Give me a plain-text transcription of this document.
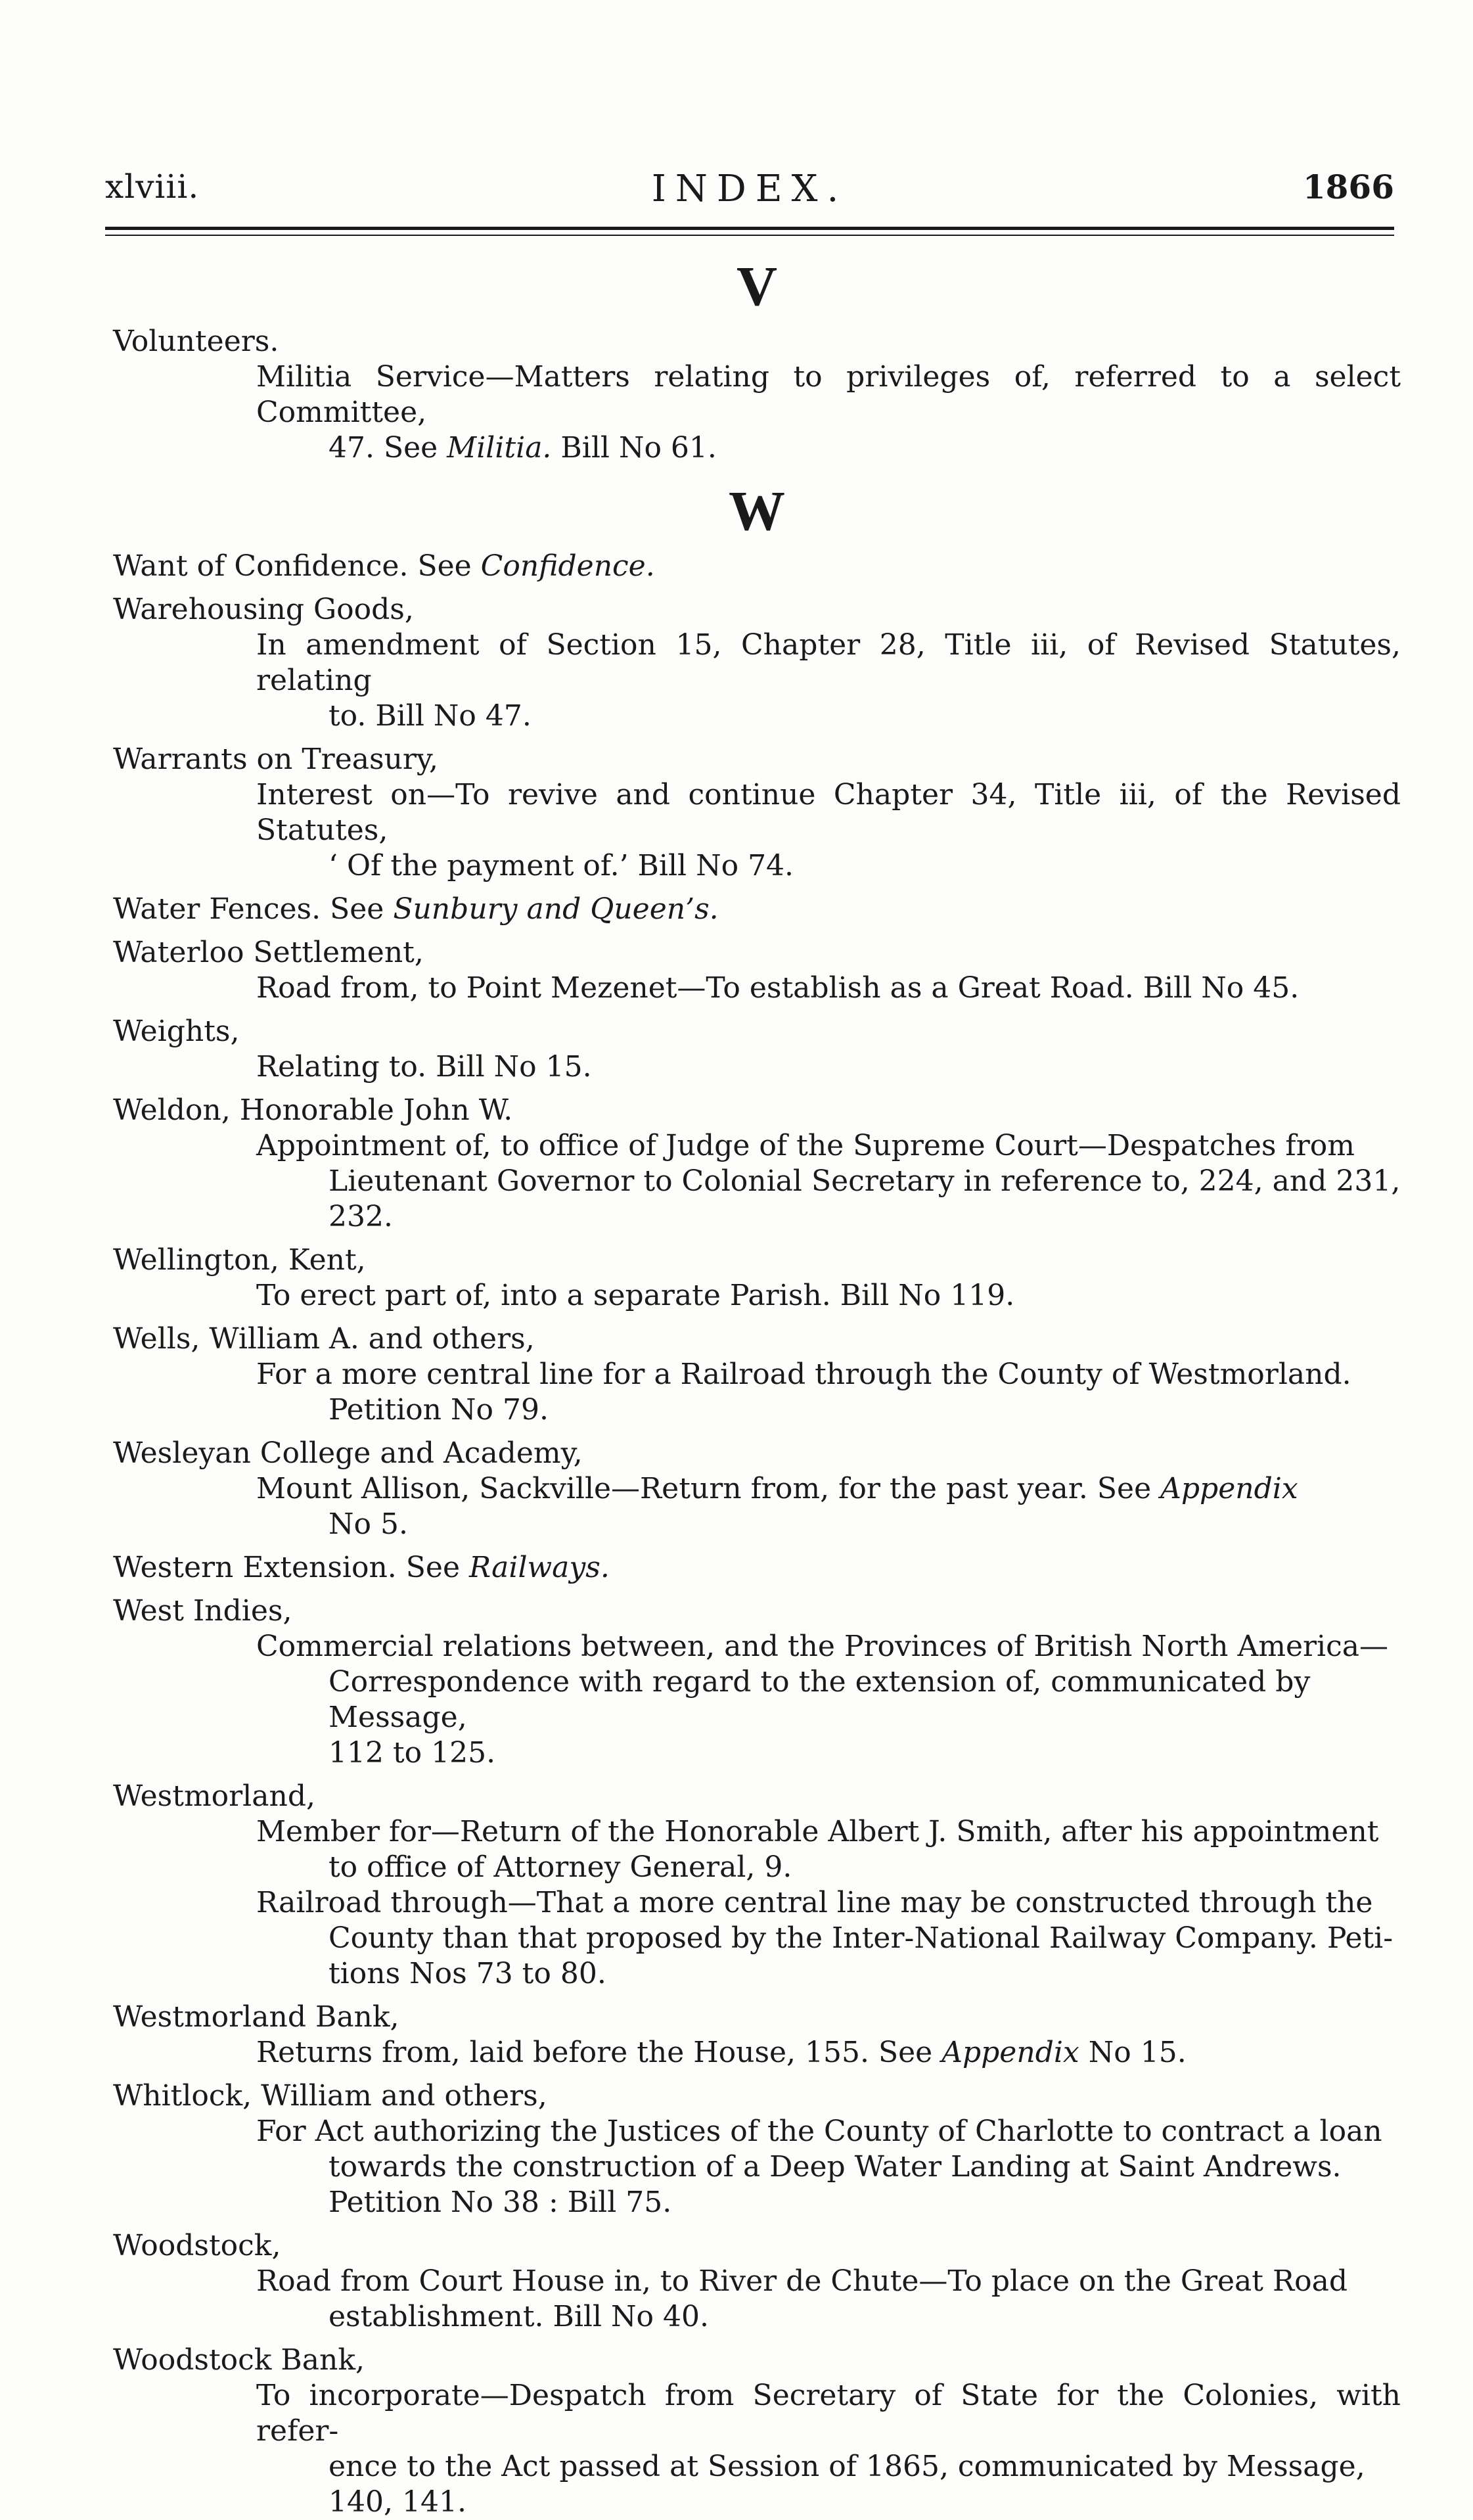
xlviii.	INDEX.	1866
V
Volunteers.
Militia Service—Matters relating to privileges of, referred to a select Committee,
47. See Militia. Bill No 61.
W
Want of Confidence. See Confidence.
Warehousing Goods,
In amendment of Section 15, Chapter 28, Title iii, of Revised Statutes, relating
to. Bill No 47.
Warrants on Treasury,
Interest on—To revive and continue Chapter 34, Title iii, of the Revised Statutes,
‘ Of the payment of.’ Bill No 74.
Water Fences. See Sunbury and Queen’s.
Waterloo Settlement,
Road from, to Point Mezenet—To establish as a Great Road. Bill No 45.
Weights,
Relating to. Bill No 15.
Weldon, Honorable John W.
Appointment of, to office of Judge of the Supreme Court—Despatches from
Lieutenant Governor to Colonial Secretary in reference to, 224, and 231, 232.
Wellington, Kent,
To erect part of, into a separate Parish. Bill No 119.
Wells, William A. and others,
For a more central line for a Railroad through the County of Westmorland.
Petition No 79.
Wesleyan College and Academy,
Mount Allison, Sackville—Return from, for the past year. See Appendix
No 5.
Western Extension. See Railways.
West Indies,
Commercial relations between, and the Provinces of British North America—
Correspondence with regard to the extension of, communicated by Message,
112 to 125.
Westmorland,
Member for—Return of the Honorable Albert J. Smith, after his appointment
to office of Attorney General, 9.
Railroad through—That a more central line may be constructed through the
County than that proposed by the Inter-National Railway Company. Peti-
tions Nos 73 to 80.
Westmorland Bank,
Returns from, laid before the House, 155. See Appendix No 15.
Whitlock, William and others,
For Act authorizing the Justices of the County of Charlotte to contract a loan
towards the construction of a Deep Water Landing at Saint Andrews.
Petition No 38 : Bill 75.
Woodstock,
Road from Court House in, to River de Chute—To place on the Great Road
establishment. Bill No 40.
Woodstock Bank,
To incorporate—Despatch from Secretary of State for the Colonies, with refer-
ence to the Act passed at Session of 1865, communicated by Message,
140, 141.
